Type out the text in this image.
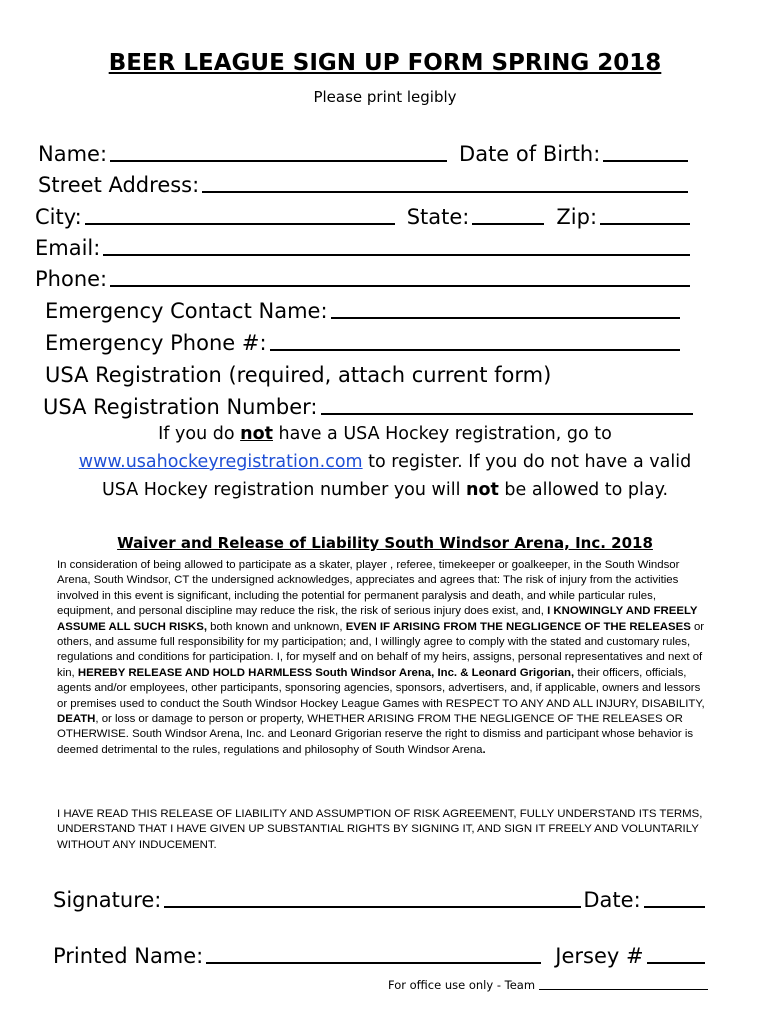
BEER LEAGUE SIGN UP FORM SPRING 2018
Please print legibly
Name:	Date of Birth:
Street Address:
City:	State:	Zip:
Email:
Phone:
Emergency Contact Name:
Emergency Phone #:
USA Registration (required, attach current form)
USA Registration Number:
If you do not have a USA Hockey registration, go to
www.usahockeyregistration.com to register. If you do not have a valid
USA Hockey registration number you will not be allowed to play.
Waiver and Release of Liability South Windsor Arena, Inc. 2018

In consideration of being allowed to participate as a skater, player , referee, timekeeper or goalkeeper, in the South Windsor Arena, South Windsor, CT the undersigned acknowledges, appreciates and agrees that: The risk of injury from the activities involved in this event is significant, including the potential for permanent paralysis and death, and while particular rules, equipment, and personal discipline may reduce the risk, the risk of serious injury does exist, and, I KNOWINGLY AND FREELY ASSUME ALL SUCH RISKS, both known and unknown, EVEN IF ARISING FROM THE NEGLIGENCE OF THE RELEASES or others, and assume full responsibility for my participation; and, I willingly agree to comply with the stated and customary rules, regulations and conditions for participation. I, for myself and on behalf of my heirs, assigns, personal representatives and next of kin, HEREBY RELEASE AND HOLD HARMLESS South Windsor Arena, Inc. & Leonard Grigorian, their officers, officials, agents and/or employees, other participants, sponsoring agencies, sponsors, advertisers, and, if applicable, owners and lessors or premises used to conduct the South Windsor Hockey League Games with RESPECT TO ANY AND ALL INJURY, DISABILITY, DEATH, or loss or damage to person or property, WHETHER ARISING FROM THE NEGLIGENCE OF THE RELEASES OR OTHERWISE. South Windsor Arena, Inc. and Leonard Grigorian reserve the right to dismiss and participant whose behavior is deemed detrimental to the rules, regulations and philosophy of South Windsor Arena.

I HAVE READ THIS RELEASE OF LIABILITY AND ASSUMPTION OF RISK AGREEMENT, FULLY UNDERSTAND ITS TERMS, UNDERSTAND THAT I HAVE GIVEN UP SUBSTANTIAL RIGHTS BY SIGNING IT, AND SIGN IT FREELY AND VOLUNTARILY WITHOUT ANY INDUCEMENT.

Signature:	Date:
Printed Name:	Jersey #
For office use only - Team
